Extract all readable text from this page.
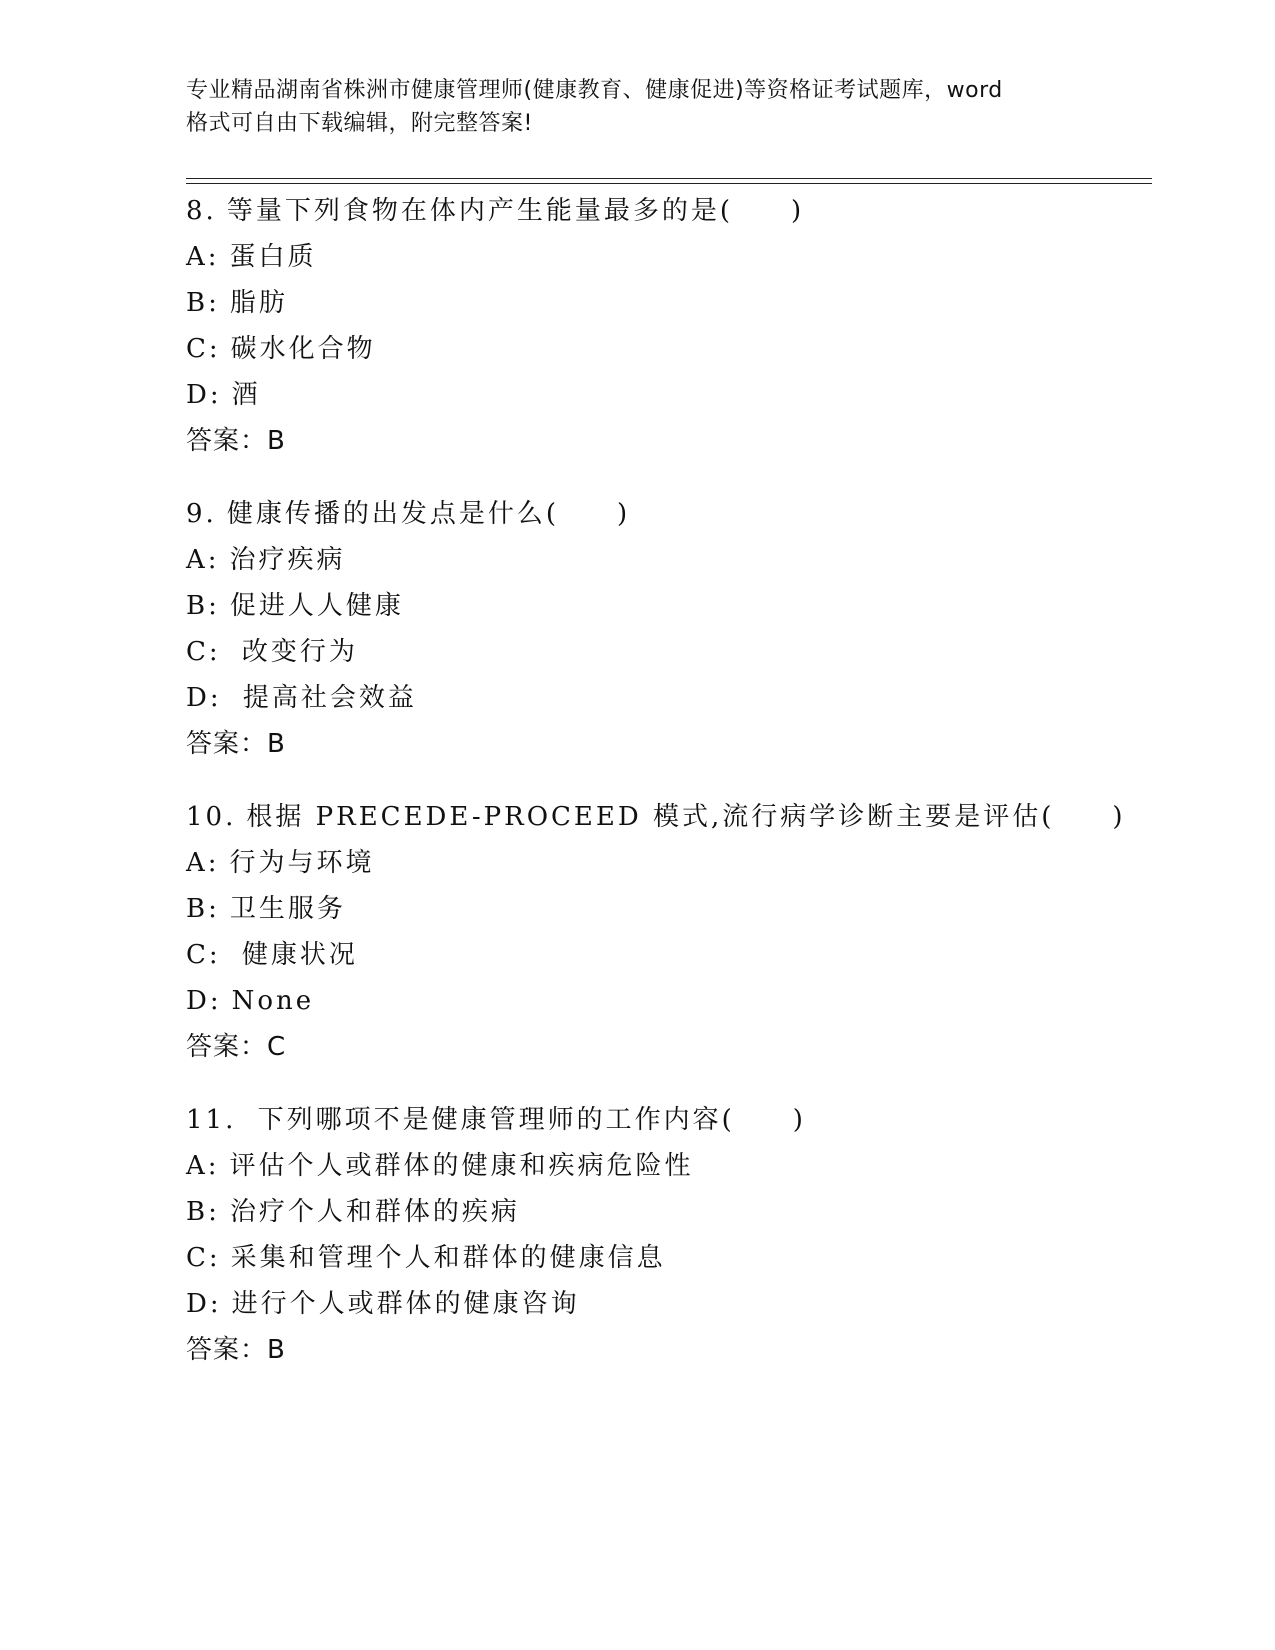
专业精品湖南省株洲市健康管理师(健康教育、健康促进)等资格证考试题库，word
格式可自由下载编辑，附完整答案!
8. 等量下列食物在体内产生能量最多的是(　　)
A: 蛋白质
B: 脂肪
C: 碳水化合物
D: 酒
答案：B
9. 健康传播的出发点是什么(　　)
A: 治疗疾病
B: 促进人人健康
C: 改变行为
D: 提高社会效益
答案：B
10. 根据 PRECEDE-PROCEED 模式,流行病学诊断主要是评估(　　)
A: 行为与环境
B: 卫生服务
C: 健康状况
D: None
答案：C
11. 下列哪项不是健康管理师的工作内容(　　)
A: 评估个人或群体的健康和疾病危险性
B: 治疗个人和群体的疾病
C: 采集和管理个人和群体的健康信息
D: 进行个人或群体的健康咨询
答案：B
